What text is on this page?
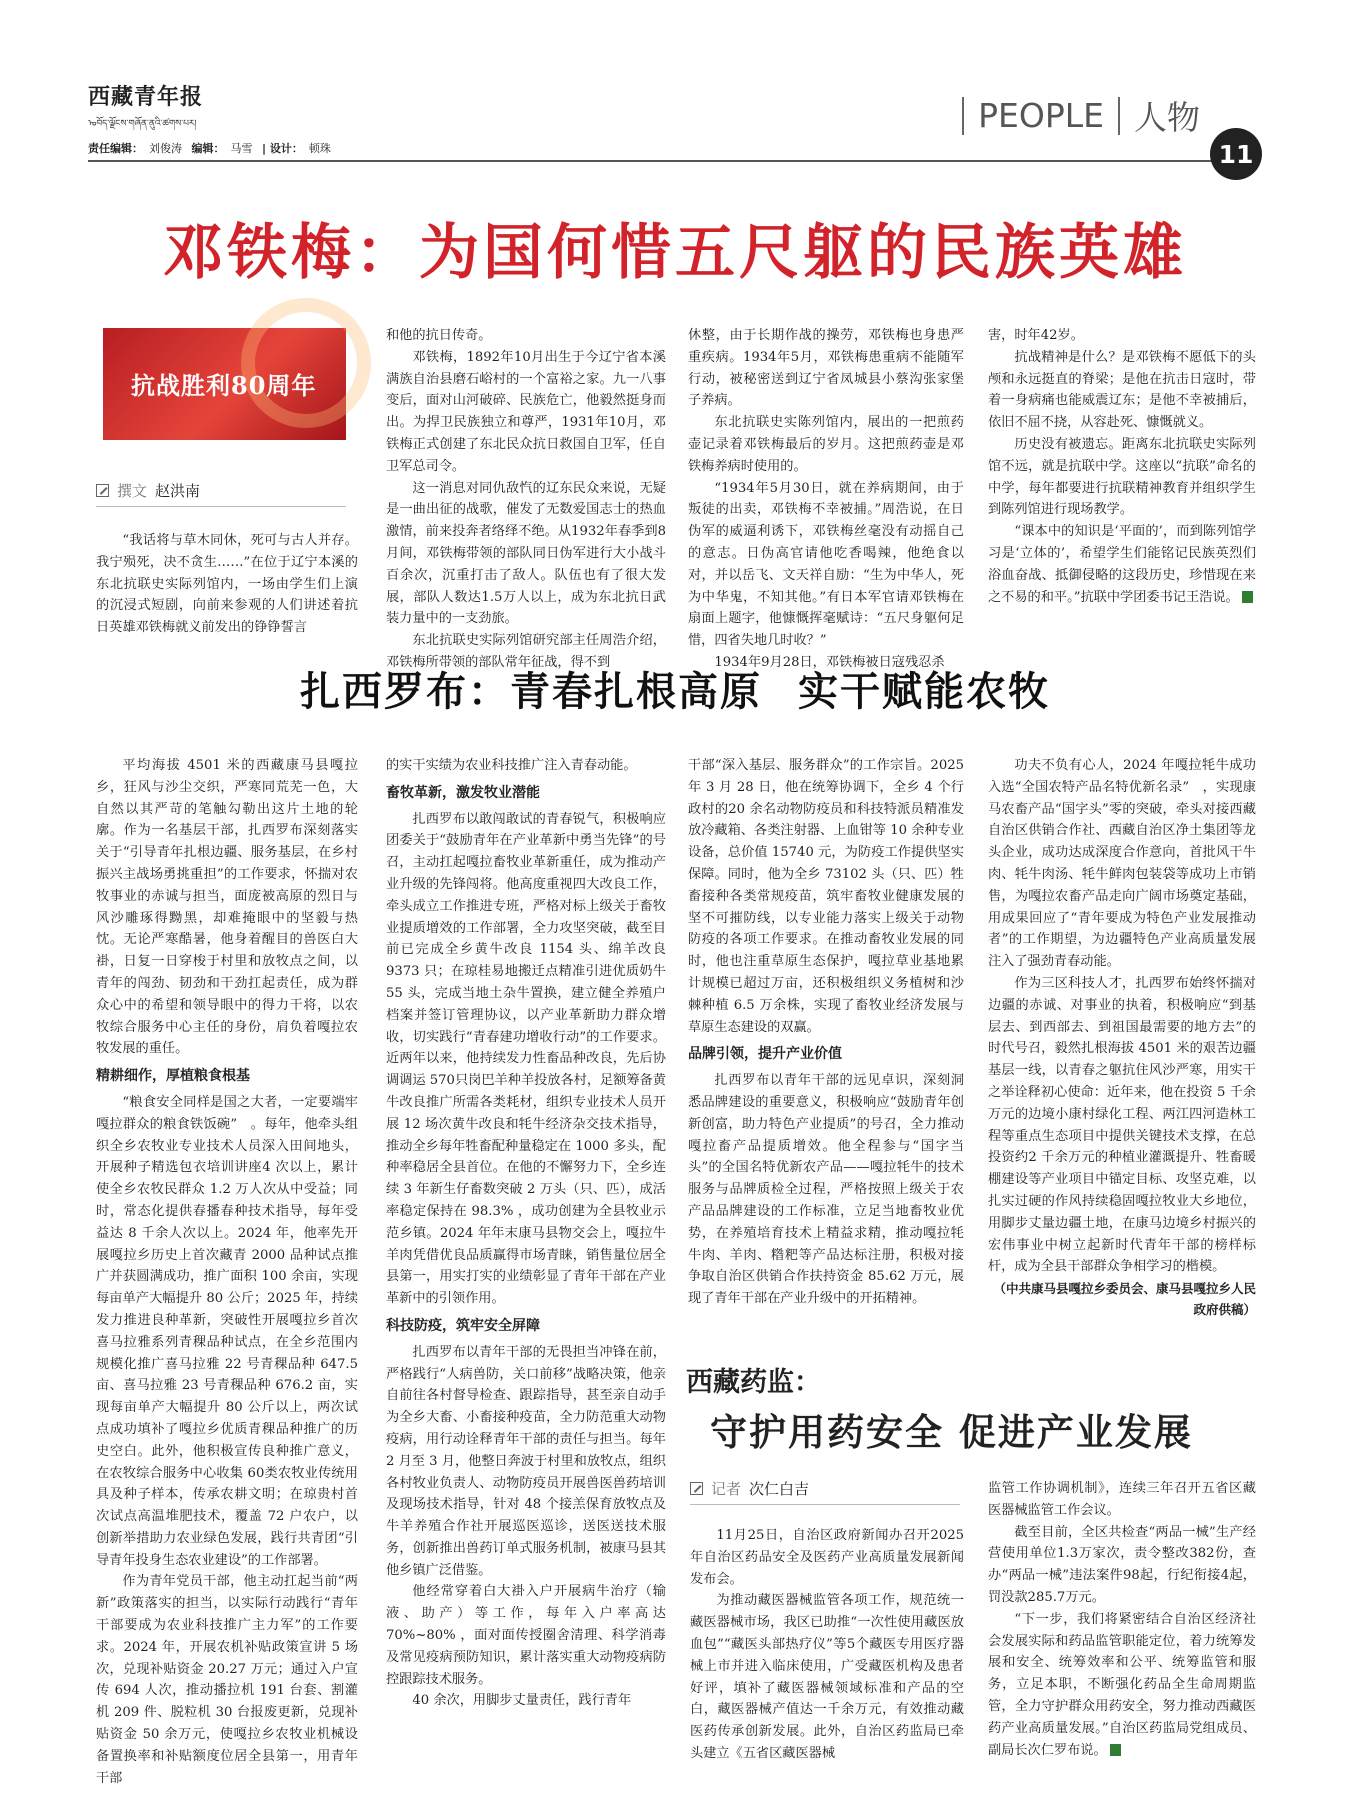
西藏青年报
ᠣབོད་ལྗོངས་གཞོན་ནུའི་ཚགས་པར།
责任编辑： 刘俊涛 编辑： 马雪 | 设计： 顿珠
PEOPLE 人物
11
邓铁梅：为国何惜五尺躯的民族英雄
抗战胜利80周年
撰文 赵洪南

“我话将与草木同休，死可与古人并存。我宁殒死，决不贪生……”在位于辽宁本溪的东北抗联史实际列馆内，一场由学生们上演的沉浸式短剧，向前来参观的人们讲述着抗日英雄邓铁梅就义前发出的铮铮誓言

和他的抗日传奇。

邓铁梅，1892年10月出生于今辽宁省本溪满族自治县磨石峪村的一个富裕之家。九一八事变后，面对山河破碎、民族危亡，他毅然挺身而出。为捍卫民族独立和尊严，1931年10月，邓铁梅正式创建了东北民众抗日救国自卫军，任自卫军总司令。

这一消息对同仇敌忾的辽东民众来说，无疑是一曲出征的战歌，催发了无数爱国志士的热血激情，前来投奔者络绎不绝。从1932年春季到8月间，邓铁梅带领的部队同日伪军进行大小战斗百余次，沉重打击了敌人。队伍也有了很大发展，部队人数达1.5万人以上，成为东北抗日武装力量中的一支劲旅。

东北抗联史实际列馆研究部主任周浩介绍，邓铁梅所带领的部队常年征战，得不到

休整，由于长期作战的操劳，邓铁梅也身患严重疾病。1934年5月，邓铁梅患重病不能随军行动，被秘密送到辽宁省凤城县小蔡沟张家堡子养病。

东北抗联史实陈列馆内，展出的一把煎药壶记录着邓铁梅最后的岁月。这把煎药壶是邓铁梅养病时使用的。

“1934年5月30日，就在养病期间，由于叛徒的出卖，邓铁梅不幸被捕。”周浩说，在日伪军的威逼利诱下，邓铁梅丝毫没有动摇自己的意志。日伪高官请他吃香喝辣，他绝食以对，并以岳飞、文天祥自励：“生为中华人，死为中华鬼，不知其他。”有日本军官请邓铁梅在扇面上题字，他慷慨挥毫赋诗：“五尺身躯何足惜，四省失地几时收？”

1934年9月28日，邓铁梅被日寇残忍杀

害，时年42岁。

抗战精神是什么？是邓铁梅不愿低下的头颅和永远挺直的脊梁；是他在抗击日寇时，带着一身病痛也能威震辽东；是他不幸被捕后，依旧不屈不挠，从容赴死、慷慨就义。

历史没有被遗忘。距离东北抗联史实际列馆不远，就是抗联中学。这座以“抗联”命名的中学，每年都要进行抗联精神教育并组织学生到陈列馆进行现场教学。

“课本中的知识是‘平面的’，而到陈列馆学习是‘立体的’，希望学生们能铭记民族英烈们浴血奋战、抵御侵略的这段历史，珍惜现在来之不易的和平。”抗联中学团委书记王浩说。

扎西罗布：青春扎根高原 实干赋能农牧

平均海拔 4501 米的西藏康马县嘎拉乡，狂风与沙尘交织，严寒同荒芜一色，大自然以其严苛的笔触勾勒出这片土地的轮廓。作为一名基层干部，扎西罗布深刻落实关于“引导青年扎根边疆、服务基层，在乡村振兴主战场勇挑重担”的工作要求，怀揣对农牧事业的赤诚与担当，面庞被高原的烈日与风沙雕琢得黝黑，却难掩眼中的坚毅与热忱。无论严寒酷暑，他身着醒目的兽医白大褂，日复一日穿梭于村里和放牧点之间，以青年的闯劲、韧劲和干劲扛起责任，成为群众心中的希望和领导眼中的得力干将，以农牧综合服务中心主任的身份，肩负着嘎拉农牧发展的重任。

精耕细作，厚植粮食根基

“粮食安全同样是国之大者，一定要端牢嘎拉群众的粮食铁饭碗”　。每年，他牵头组织全乡农牧业专业技术人员深入田间地头，开展种子精选包衣培训讲座4 次以上，累计使全乡农牧民群众 1.2 万人次从中受益；同时，常态化提供春播春种技术指导，每年受益达 8 千余人次以上。2024 年，他率先开展嘎拉乡历史上首次藏青 2000 品种试点推广并获圆满成功，推广面积 100 余亩，实现每亩单产大幅提升 80 公斤；2025 年，持续发力推进良种革新，突破性开展嘎拉乡首次喜马拉雅系列青稞品种试点，在全乡范围内规模化推广喜马拉雅 22 号青稞品种 647.5 亩、喜马拉雅 23 号青稞品种 676.2 亩，实现每亩单产大幅提升 80 公斤以上，两次试点成功填补了嘎拉乡优质青稞品种推广的历史空白。此外，他积极宣传良种推广意义，在农牧综合服务中心收集 60类农牧业传统用具及种子样本，传承农耕文明；在琼贵村首次试点高温堆肥技术，覆盖 72 户农户，以创新举措助力农业绿色发展，践行共青团“引导青年投身生态农业建设”的工作部署。

作为青年党员干部，他主动扛起当前“两新”政策落实的担当，以实际行动践行“青年干部要成为农业科技推广主力军”的工作要求。2024 年，开展农机补贴政策宣讲 5 场次，兑现补贴资金 20.27 万元；通过入户宣传 694 人次，推动播拉机 191 台套、割灌机 209 件、脱粒机 30 台报废更新，兑现补贴资金 50 余万元，使嘎拉乡农牧业机械设备置换率和补贴额度位居全县第一，用青年干部

的实干实绩为农业科技推广注入青春动能。

畜牧革新，激发牧业潜能

扎西罗布以敢闯敢试的青春锐气，积极响应团委关于“鼓励青年在产业革新中勇当先锋”的号召，主动扛起嘎拉畜牧业革新重任，成为推动产业升级的先锋闯将。他高度重视四大改良工作，牵头成立工作推进专班，严格对标上级关于畜牧业提质增效的工作部署，全力攻坚突破，截至目前已完成全乡黄牛改良 1154 头、绵羊改良 9373 只；在琼桂易地搬迁点精准引进优质奶牛 55 头，完成当地土杂牛置换，建立健全养殖户档案并签订管理协议，以产业革新助力群众增收，切实践行“青春建功增收行动”的工作要求。近两年以来，他持续发力性畜品种改良，先后协调调运 570只岗巴羊种羊投放各村，足额筹备黄牛改良推广所需各类耗材，组织专业技术人员开展 12 场次黄牛改良和牦牛经济杂交技术指导，推动全乡每年牲畜配种量稳定在 1000 多头，配种率稳居全县首位。在他的不懈努力下，全乡连续 3 年新生仔畜数突破 2 万头（只、匹），成活率稳定保持在 98.3% ，成功创建为全县牧业示范乡镇。2024 年年末康马县物交会上，嘎拉牛羊肉凭借优良品质赢得市场青睐，销售量位居全县第一，用实打实的业绩彰显了青年干部在产业革新中的引领作用。

科技防疫，筑牢安全屏障

扎西罗布以青年干部的无畏担当冲锋在前，严格践行“人病兽防，关口前移”战略决策，他亲自前往各村督导检查、跟踪指导，甚至亲自动手为全乡大畜、小畜接种疫苗，全力防范重大动物疫病，用行动诠释青年干部的责任与担当。每年 2 月至 3 月，他整日奔波于村里和放牧点，组织各村牧业负责人、动物防疫员开展兽医兽药培训及现场技术指导，针对 48 个接羔保育放牧点及牛羊养殖合作社开展巡医巡诊，送医送技术服务，创新推出兽药订单式服务机制，被康马县其他乡镇广泛借鉴。

他经常穿着白大褂入户开展病牛治疗（输液、助产）等工作，每年入户率高达 70%~80% ，面对面传授圈舍清理、科学消毒及常见疫病预防知识，累计落实重大动物疫病防控跟踪技术服务。

40 余次，用脚步丈量责任，践行青年

干部“深入基层、服务群众”的工作宗旨。2025 年 3 月 28 日，他在统筹协调下，全乡 4 个行政村的20 余名动物防疫员和科技特派员精准发放冷藏箱、各类注射器、上血钳等 10 余种专业设备，总价值 15740 元，为防疫工作提供坚实保障。同时，他为全乡 73102 头（只、匹）牲畜接种各类常规疫苗，筑牢畜牧业健康发展的坚不可摧防线，以专业能力落实上级关于动物防疫的各项工作要求。在推动畜牧业发展的同时，他也注重草原生态保护，嘎拉草业基地累计规模已超过万亩，还积极组织义务植树和沙棘种植 6.5 万余株，实现了畜牧业经济发展与草原生态建设的双赢。

品牌引领，提升产业价值

扎西罗布以青年干部的远见卓识，深刻洞悉品牌建设的重要意义，积极响应“鼓励青年创新创富，助力特色产业提质”的号召，全力推动嘎拉畜产品提质增效。他全程参与“国字当头”的全国名特优新农产品——嘎拉牦牛的技术服务与品牌质检全过程，严格按照上级关于农产品品牌建设的工作标准，立足当地畜牧业优势，在养殖培育技术上精益求精，推动嘎拉牦牛肉、羊肉、糌粑等产品达标注册，积极对接争取自治区供销合作扶持资金 85.62 万元，展现了青年干部在产业升级中的开拓精神。

功夫不负有心人，2024 年嘎拉牦牛成功入选“全国农特产品名特优新名录”　，实现康马农畜产品“国字头”零的突破，牵头对接西藏自治区供销合作社、西藏自治区净土集团等龙头企业，成功达成深度合作意向，首批风干牛肉、牦牛肉汤、牦牛鲜肉包装袋等成功上市销售，为嘎拉农畜产品走向广阔市场奠定基础，用成果回应了“青年要成为特色产业发展推动者”的工作期望，为边疆特色产业高质量发展注入了强劲青春动能。

作为三区科技人才，扎西罗布始终怀揣对边疆的赤诚、对事业的执着，积极响应“到基层去、到西部去、到祖国最需要的地方去”的时代号召，毅然扎根海拔 4501 米的艰苦边疆基层一线，以青春之躯抗住风沙严寒，用实干之举诠释初心使命：近年来，他在投资 5 千余万元的边境小康村绿化工程、两江四河造林工程等重点生态项目中提供关键技术支撑，在总投资约2 千余万元的种植业灌溉提升、牲畜暖棚建设等产业项目中锚定目标、攻坚克难，以扎实过硬的作风持续稳固嘎拉牧业大乡地位，用脚步丈量边疆土地，在康马边境乡村振兴的宏伟事业中树立起新时代青年干部的榜样标杆，成为全县干部群众争相学习的楷模。

（中共康马县嘎拉乡委员会、康马县嘎拉乡人民政府供稿）

西藏药监：
守护用药安全 促进产业发展
记者 次仁白吉

11月25日，自治区政府新闻办召开2025年自治区药品安全及医药产业高质量发展新闻发布会。

为推动藏医器械监管各项工作，规范统一藏医器械市场，我区已助推“一次性使用藏医放血包”“藏医头部热疗仪”等5个藏医专用医疗器械上市并进入临床使用，广受藏医机构及患者好评，填补了藏医器械领域标准和产品的空白，藏医器械产值达一千余万元，有效推动藏医药传承创新发展。此外，自治区药监局已牵头建立《五省区藏医器械

监管工作协调机制》，连续三年召开五省区藏医器械监管工作会议。

截至目前，全区共检查“两品一械”生产经营使用单位1.3万家次，责令整改382份，查办“两品一械”违法案件98起，行纪衔接4起，罚没款285.7万元。

“下一步，我们将紧密结合自治区经济社会发展实际和药品监管职能定位，着力统筹发展和安全、统筹效率和公平、统筹监管和服务，立足本职，不断强化药品全生命周期监管，全力守护群众用药安全，努力推动西藏医药产业高质量发展。”自治区药监局党组成员、副局长次仁罗布说。
